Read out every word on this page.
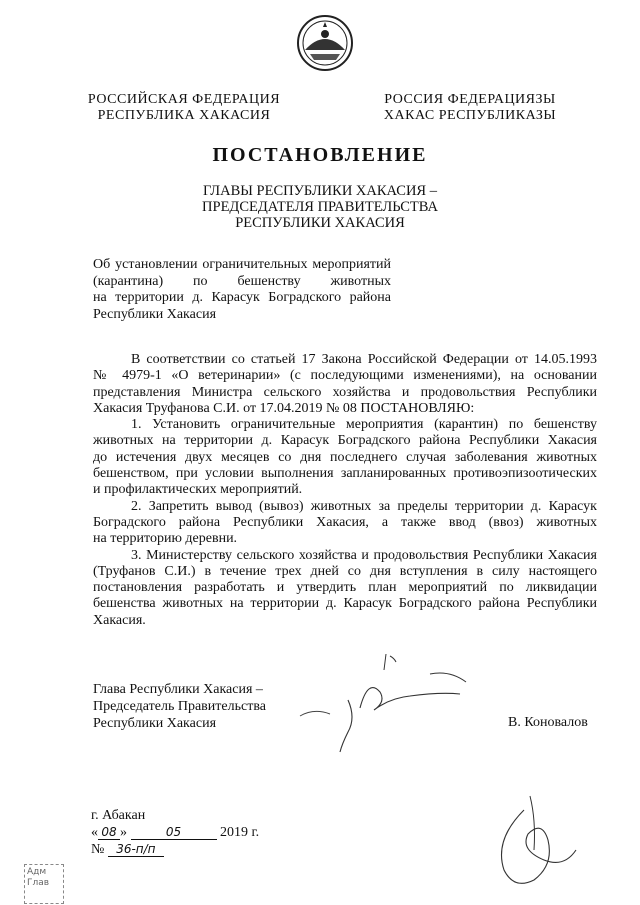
РОССИЙСКАЯ ФЕДЕРАЦИЯ
РЕСПУБЛИКА ХАКАСИЯ
РОССИЯ ФЕДЕРАЦИЯЗЫ
ХАКАС РЕСПУБЛИКАЗЫ
ПОСТАНОВЛЕНИЕ
ГЛАВЫ РЕСПУБЛИКИ ХАКАСИЯ –
ПРЕДСЕДАТЕЛЯ ПРАВИТЕЛЬСТВА
РЕСПУБЛИКИ ХАКАСИЯ
Об установлении ограничительных мероприятий
(карантина) по бешенству животных
на территории д. Карасук Боградского района
Республики Хакасия
В соответствии со статьей 17 Закона Российской Федерации от 14.05.1993
№ 4979-1 «О ветеринарии» (с последующими изменениями), на основании
представления Министра сельского хозяйства и продовольствия Республики
Хакасия Труфанова С.И. от 17.04.2019 № 08 ПОСТАНОВЛЯЮ:
1. Установить ограничительные мероприятия (карантин) по бешенству
животных на территории д. Карасук Боградского района Республики Хакасия
до истечения двух месяцев со дня последнего случая заболевания животных
бешенством, при условии выполнения запланированных противоэпизоотических
и профилактических мероприятий.
2. Запретить вывод (вывоз) животных за пределы территории д. Карасук
Боградского района Республики Хакасия, а также ввод (ввоз) животных
на территорию деревни.
3. Министерству сельского хозяйства и продовольствия Республики Хакасия
(Труфанов С.И.) в течение трех дней со дня вступления в силу настоящего
постановления разработать и утвердить план мероприятий по ликвидации
бешенства животных на территории д. Карасук Боградского района Республики
Хакасия.
Глава Республики Хакасия –
Председатель Правительства
Республики Хакасия	В. Коновалов
г. Абакан
« 08 »	05	2019 г.
№ 36-п/п
Адм
Глав
